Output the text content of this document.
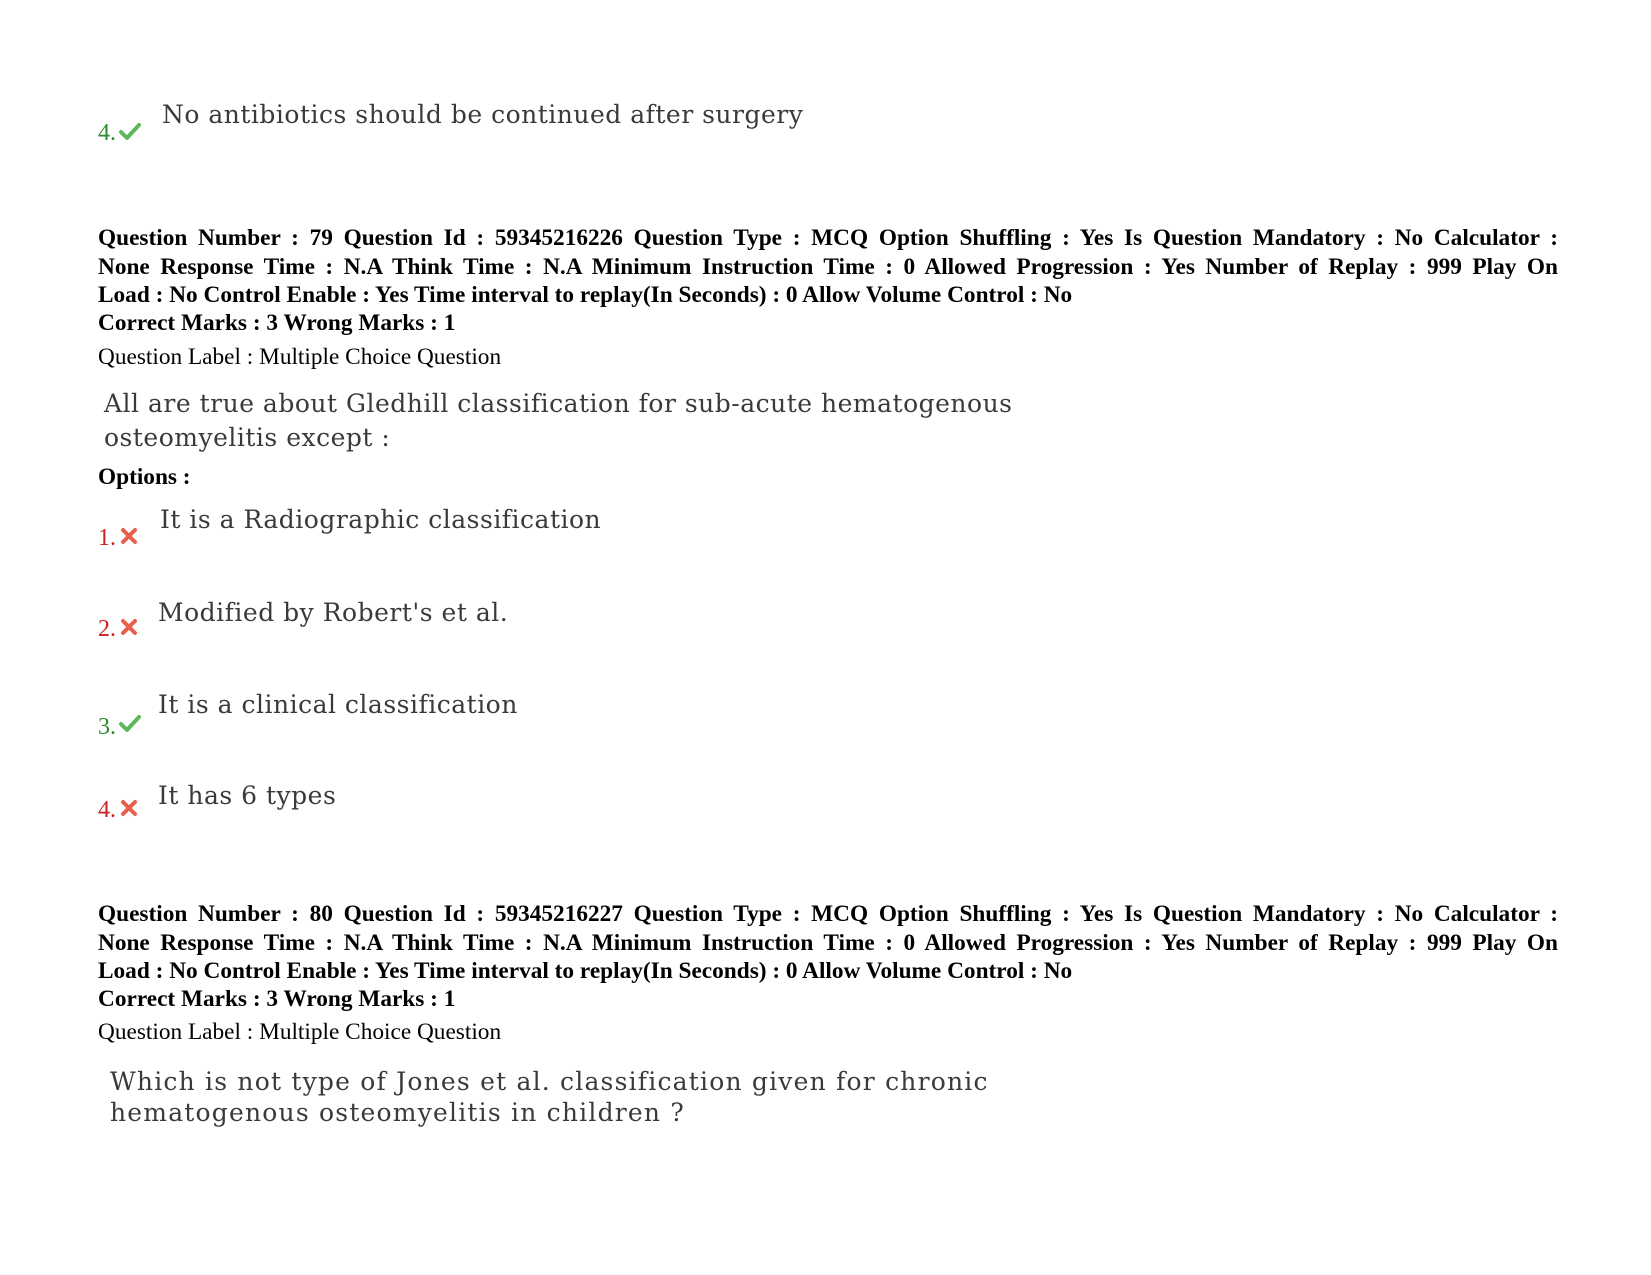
4.
No antibiotics should be continued after surgery
Question Number : 79 Question Id : 59345216226 Question Type : MCQ Option Shuffling : Yes Is Question Mandatory : No Calculator :
None Response Time : N.A Think Time : N.A Minimum Instruction Time : 0 Allowed Progression : Yes Number of Replay : 999 Play On
Load : No Control Enable : Yes Time interval to replay(In Seconds) : 0 Allow Volume Control : No
Correct Marks : 3 Wrong Marks : 1
Question Label : Multiple Choice Question
All are true about Gledhill classification for sub-acute hematogenous
osteomyelitis except :
Options :
1.
It is a Radiographic classification
2.
Modified by Robert's et al.
3.
It is a clinical classification
4. It has 6 types
Question Number : 80 Question Id : 59345216227 Question Type : MCQ Option Shuffling : Yes Is Question Mandatory : No Calculator :
None Response Time : N.A Think Time : N.A Minimum Instruction Time : 0 Allowed Progression : Yes Number of Replay : 999 Play On
Load : No Control Enable : Yes Time interval to replay(In Seconds) : 0 Allow Volume Control : No
Correct Marks : 3 Wrong Marks : 1
Question Label : Multiple Choice Question
Which is not type of Jones et al. classification given for chronic
hematogenous osteomyelitis in children ?
